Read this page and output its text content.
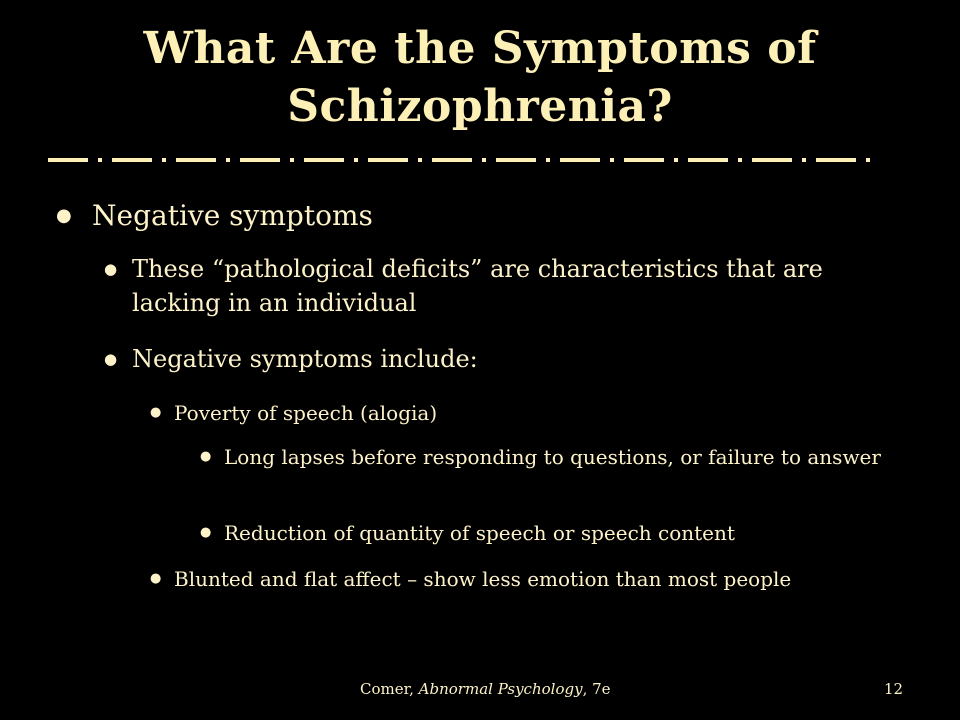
What Are the Symptoms of
Schizophrenia?
● Negative symptoms
● These “pathological deficits” are characteristics that are lacking in an individual
● Negative symptoms include:
● Poverty of speech (alogia)
● Long lapses before responding to questions, or failure to answer
● Reduction of quantity of speech or speech content
● Blunted and flat affect – show less emotion than most people
Comer, Abnormal Psychology, 7e	12
